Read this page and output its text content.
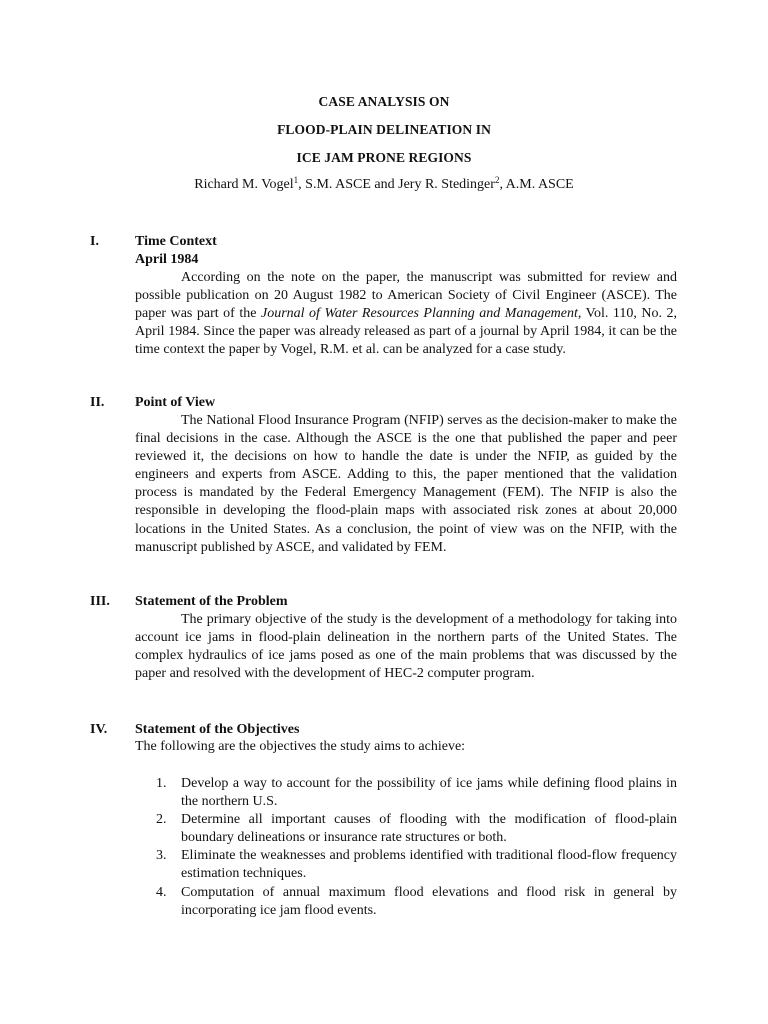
CASE ANALYSIS ON
FLOOD-PLAIN DELINEATION IN
ICE JAM PRONE REGIONS
Richard M. Vogel$^1$, S.M. ASCE and Jery R. Stedinger$^2$, A.M. ASCE
I.	Time Context
April 1984

According on the note on the paper, the manuscript was submitted for review and possible publication on 20 August 1982 to American Society of Civil Engineer (ASCE). The paper was part of the Journal of Water Resources Planning and Management, Vol. 110, No. 2, April 1984. Since the paper was already released as part of a journal by April 1984, it can be the time context the paper by Vogel, R.M. et al. can be analyzed for a case study.

II. Point of View

The National Flood Insurance Program (NFIP) serves as the decision-maker to make the final decisions in the case. Although the ASCE is the one that published the paper and peer reviewed it, the decisions on how to handle the date is under the NFIP, as guided by the engineers and experts from ASCE. Adding to this, the paper mentioned that the validation process is mandated by the Federal Emergency Management (FEM). The NFIP is also the responsible in developing the flood-plain maps with associated risk zones at about 20,000 locations in the United States. As a conclusion, the point of view was on the NFIP, with the manuscript published by ASCE, and validated by FEM.

III. Statement of the Problem

The primary objective of the study is the development of a methodology for taking into account ice jams in flood-plain delineation in the northern parts of the United States. The complex hydraulics of ice jams posed as one of the main problems that was discussed by the paper and resolved with the development of HEC-2 computer program.

IV. Statement of the Objectives
The following are the objectives the study aims to achieve:
1. Develop a way to account for the possibility of ice jams while defining flood plains in the northern U.S.
2. Determine all important causes of flooding with the modification of flood-plain boundary delineations or insurance rate structures or both.
3. Eliminate the weaknesses and problems identified with traditional flood-flow frequency estimation techniques.
4. Computation of annual maximum flood elevations and flood risk in general by incorporating ice jam flood events.
